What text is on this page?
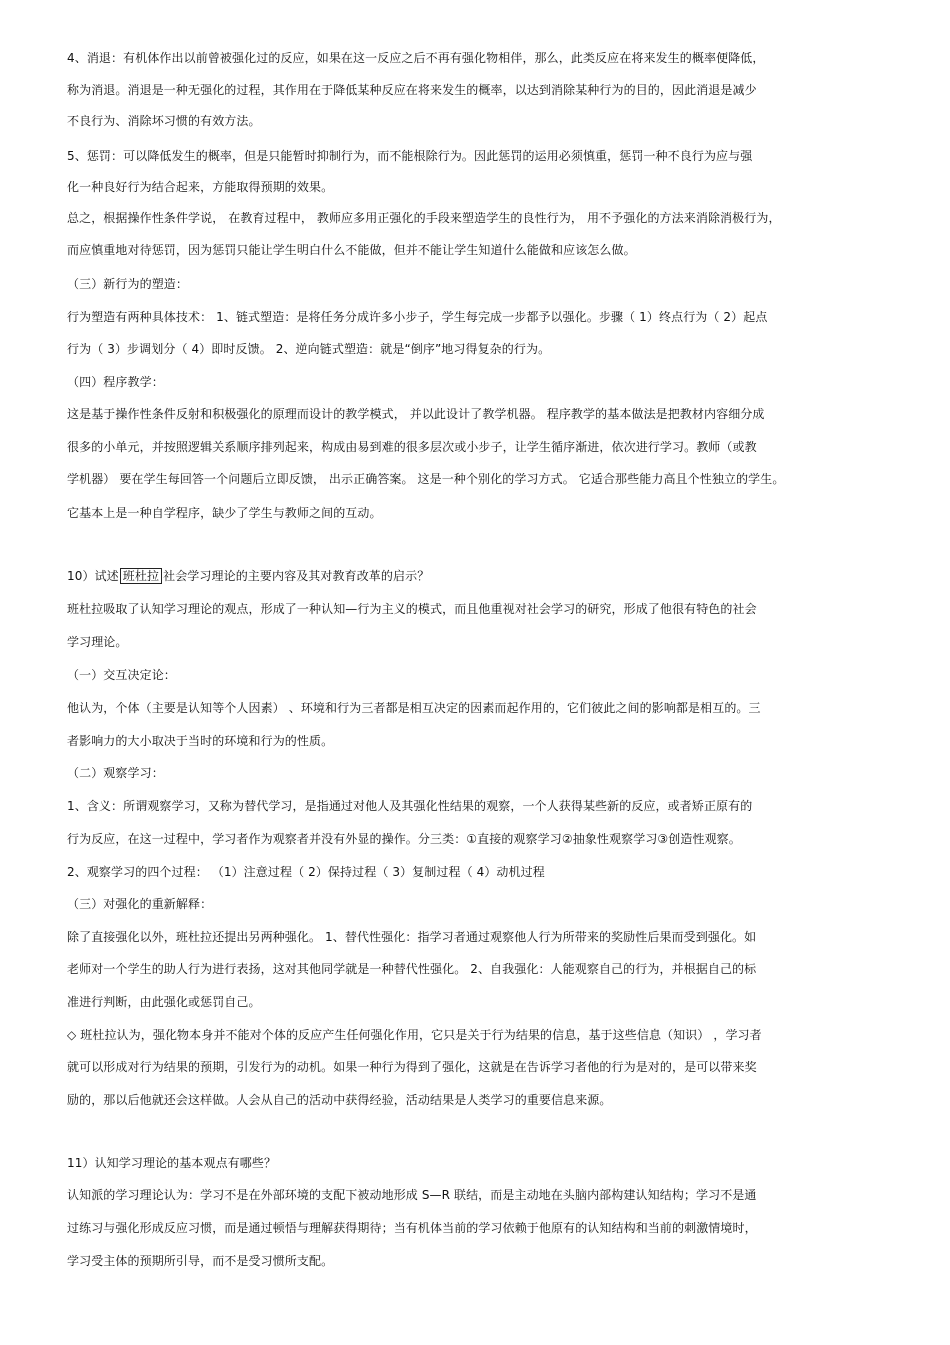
4、消退：有机体作出以前曾被强化过的反应，如果在这一反应之后不再有强化物相伴，那么，此类反应在将来发生的概率便降低，
称为消退。消退是一种无强化的过程，其作用在于降低某种反应在将来发生的概率，以达到消除某种行为的目的，因此消退是减少
不良行为、消除坏习惯的有效方法。
5、惩罚：可以降低发生的概率，但是只能暂时抑制行为，而不能根除行为。因此惩罚的运用必须慎重，惩罚一种不良行为应与强
化一种良好行为结合起来，方能取得预期的效果。
总之，根据操作性条件学说， 在教育过程中， 教师应多用正强化的手段来塑造学生的良性行为， 用不予强化的方法来消除消极行为，
而应慎重地对待惩罚，因为惩罚只能让学生明白什么不能做，但并不能让学生知道什么能做和应该怎么做。
（三）新行为的塑造：
行为塑造有两种具体技术： 1、链式塑造：是将任务分成许多小步子，学生每完成一步都予以强化。步骤（ 1）终点行为（ 2）起点
行为（ 3）步调划分（ 4）即时反馈。 2、逆向链式塑造：就是“倒序”地习得复杂的行为。
（四）程序教学：
这是基于操作性条件反射和积极强化的原理而设计的教学模式， 并以此设计了教学机器。 程序教学的基本做法是把教材内容细分成
很多的小单元，并按照逻辑关系顺序排列起来，构成由易到难的很多层次或小步子，让学生循序渐进，依次进行学习。教师（或教
学机器） 要在学生每回答一个问题后立即反馈， 出示正确答案。 这是一种个别化的学习方式。 它适合那些能力高且个性独立的学生。
它基本上是一种自学程序，缺少了学生与教师之间的互动。
10）试述 班杜拉 社会学习理论的主要内容及其对教育改革的启示？
班杜拉吸取了认知学习理论的观点，形成了一种认知—行为主义的模式，而且他重视对社会学习的研究，形成了他很有特色的社会
学习理论。
（一）交互决定论：
他认为，个体（主要是认知等个人因素） 、环境和行为三者都是相互决定的因素而起作用的，它们彼此之间的影响都是相互的。三
者影响力的大小取决于当时的环境和行为的性质。
（二）观察学习：
1、含义：所谓观察学习，又称为替代学习，是指通过对他人及其强化性结果的观察，一个人获得某些新的反应，或者矫正原有的
行为反应，在这一过程中，学习者作为观察者并没有外显的操作。分三类：①直接的观察学习②抽象性观察学习③创造性观察。
2、观察学习的四个过程： （1）注意过程（ 2）保持过程（ 3）复制过程（ 4）动机过程
（三）对强化的重新解释：
除了直接强化以外，班杜拉还提出另两种强化。 1、替代性强化：指学习者通过观察他人行为所带来的奖励性后果而受到强化。如
老师对一个学生的助人行为进行表扬，这对其他同学就是一种替代性强化。 2、自我强化：人能观察自己的行为，并根据自己的标
准进行判断，由此强化或惩罚自己。
◇ 班杜拉认为，强化物本身并不能对个体的反应产生任何强化作用，它只是关于行为结果的信息，基于这些信息（知识） ，学习者
就可以形成对行为结果的预期，引发行为的动机。如果一种行为得到了强化，这就是在告诉学习者他的行为是对的，是可以带来奖
励的，那以后他就还会这样做。人会从自己的活动中获得经验，活动结果是人类学习的重要信息来源。
11）认知学习理论的基本观点有哪些？
认知派的学习理论认为：学习不是在外部环境的支配下被动地形成 S—R 联结，而是主动地在头脑内部构建认知结构；学习不是通
过练习与强化形成反应习惯，而是通过顿悟与理解获得期待；当有机体当前的学习依赖于他原有的认知结构和当前的刺激情境时，
学习受主体的预期所引导，而不是受习惯所支配。
